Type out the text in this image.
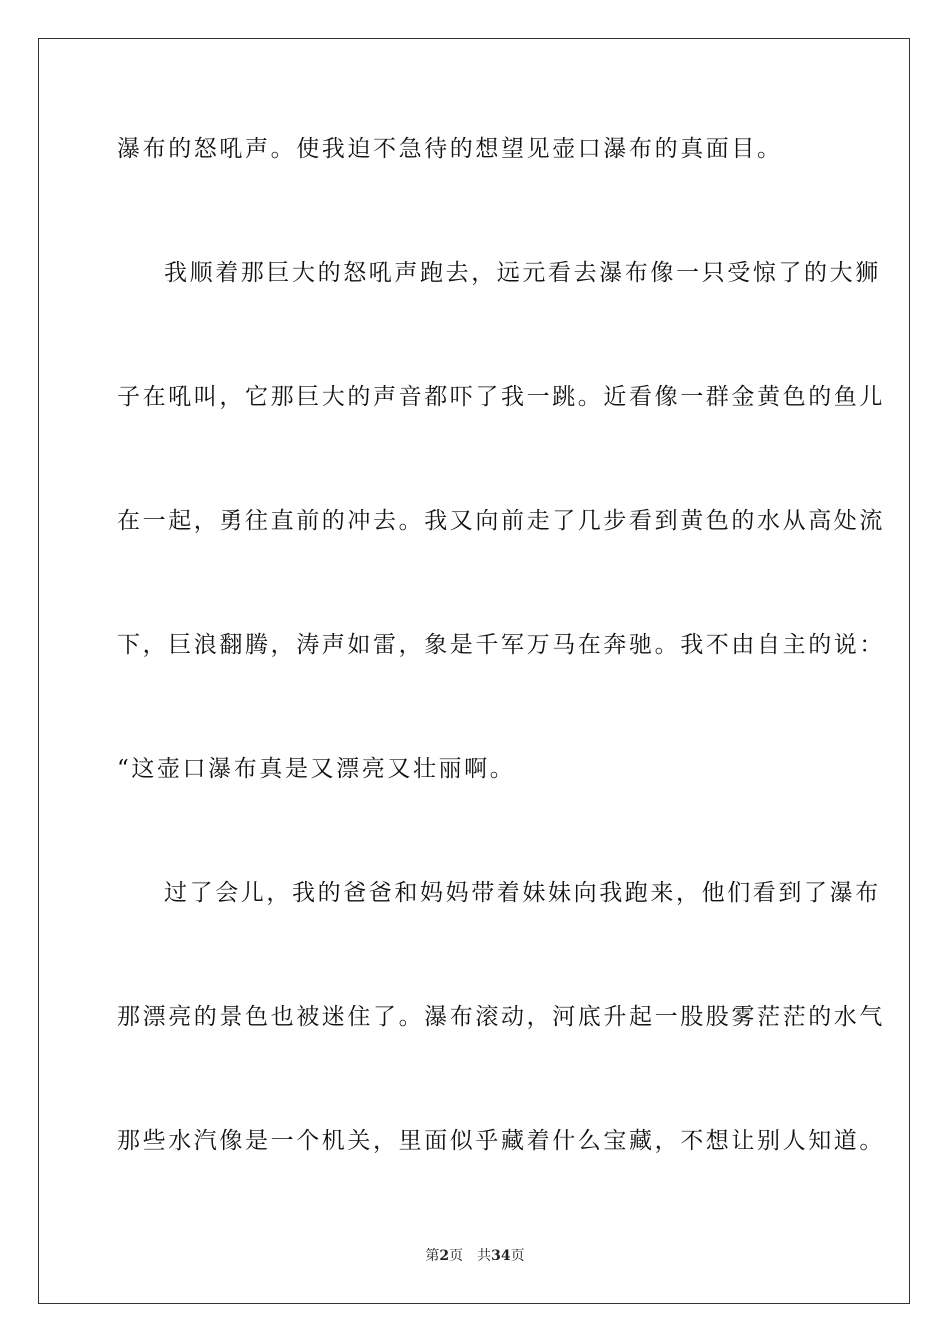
瀑布的怒吼声。使我迫不急待的想望见壶口瀑布的真面目。
我顺着那巨大的怒吼声跑去，远元看去瀑布像一只受惊了的大狮
子在吼叫，它那巨大的声音都吓了我一跳。近看像一群金黄色的鱼儿
在一起，勇往直前的冲去。我又向前走了几步看到黄色的水从高处流
下，巨浪翻腾，涛声如雷，象是千军万马在奔驰。我不由自主的说：
“这壶口瀑布真是又漂亮又壮丽啊。
过了会儿，我的爸爸和妈妈带着妹妹向我跑来，他们看到了瀑布
那漂亮的景色也被迷住了。瀑布滚动，河底升起一股股雾茫茫的水气
那些水汽像是一个机关，里面似乎藏着什么宝藏，不想让别人知道。
第2页 共34页
